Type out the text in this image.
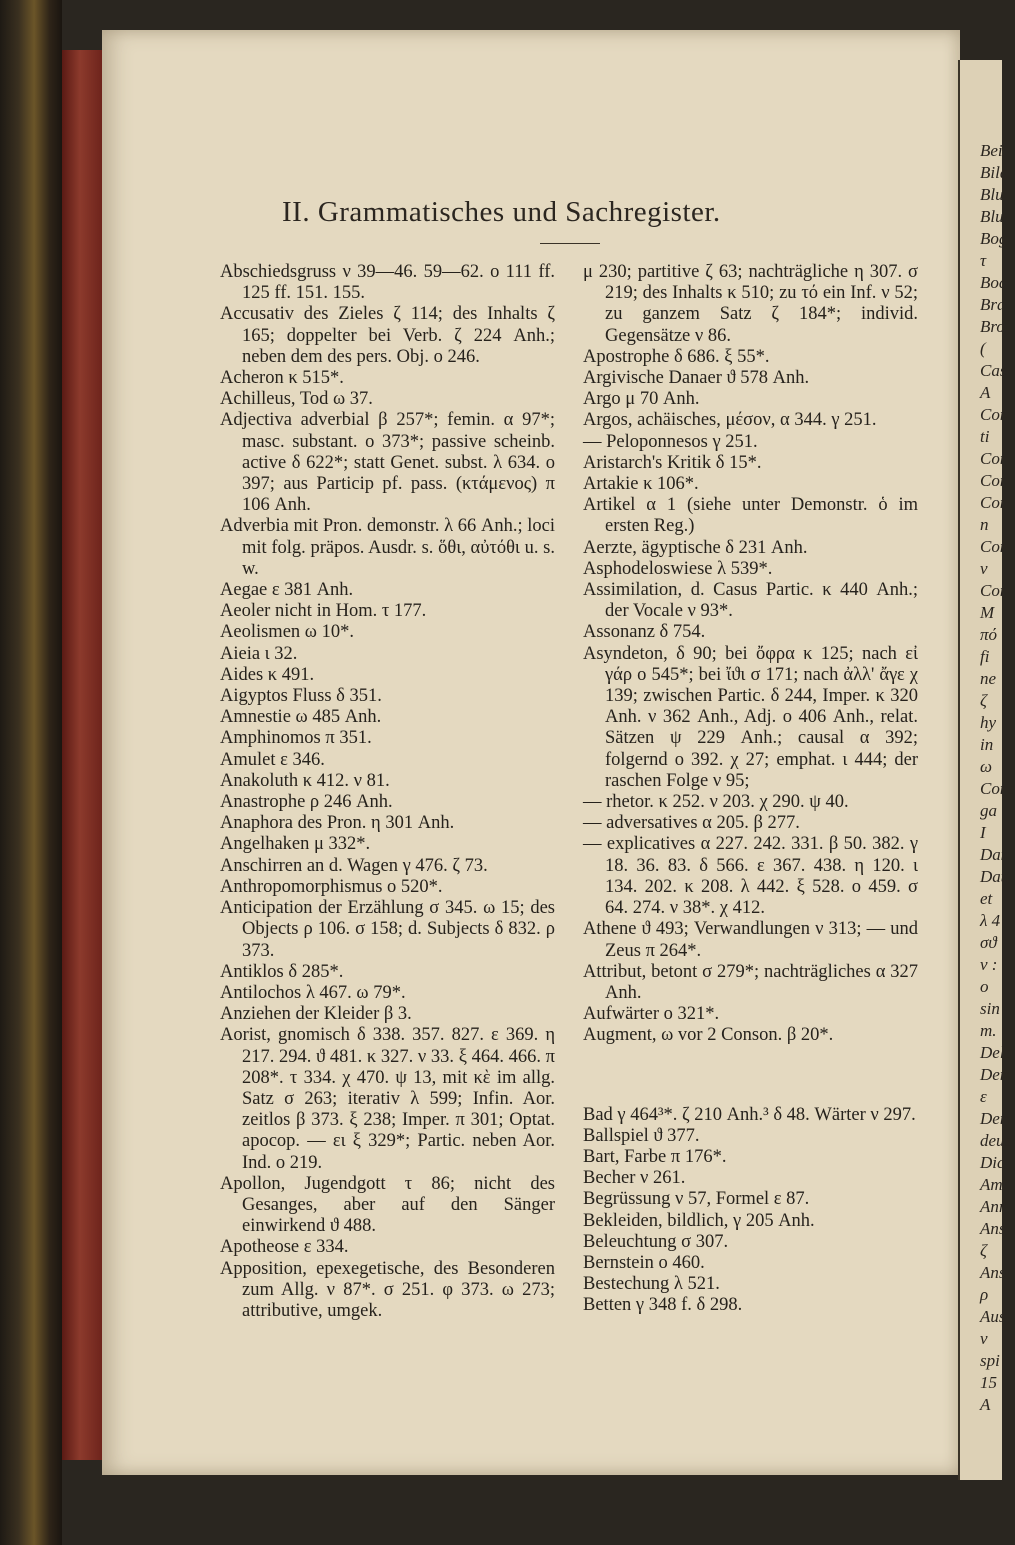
Bei
Bild
Blu
Blu
Bog
τ
Boc
Bra
Bro
(
Cas
A
Con
ti
Con
Con
Con
n
Con
ν
Con
M
πό
fi
ne
ζ
hy
in
ω
Cons
ga
I
Dan
Dati
et
λ 4
σϑ
ν :
ο
sin
m.
Delo
Dem
ε
Dem
deus
Dic
Am
Anr
Ans
ζ
Ans
ρ
Aus
ν
spi
15
A
II. Grammatisches und Sachregister.

Abschiedsgruss ν 39—46. 59—62. ο 111 ff. 125 ff. 151. 155.

Accusativ des Zieles ζ 114; des Inhalts ζ 165; doppelter bei Verb. ζ 224 Anh.; neben dem des pers. Obj. ο 246.

Acheron κ 515*.

Achilleus, Tod ω 37.

Adjectiva adverbial β 257*; femin. α 97*; masc. substant. ο 373*; passive scheinb. active δ 622*; statt Genet. subst. λ 634. ο 397; aus Particip pf. pass. (κτάμενος) π 106 Anh.

Adverbia mit Pron. demonstr. λ 66 Anh.; loci mit folg. präpos. Ausdr. s. ὅθι, αὐτόθι u. s. w.

Aegae ε 381 Anh.

Aeoler nicht in Hom. τ 177.

Aeolismen ω 10*.

Aieia ι 32.

Aides κ 491.

Aigyptos Fluss δ 351.

Amnestie ω 485 Anh.

Amphinomos π 351.

Amulet ε 346.

Anakoluth κ 412. ν 81.

Anastrophe ρ 246 Anh.

Anaphora des Pron. η 301 Anh.

Angelhaken μ 332*.

Anschirren an d. Wagen γ 476. ζ 73.

Anthropomorphismus ο 520*.

Anticipation der Erzählung σ 345. ω 15; des Objects ρ 106. σ 158; d. Subjects δ 832. ρ 373.

Antiklos δ 285*.

Antilochos λ 467. ω 79*.

Anziehen der Kleider β 3.

Aorist, gnomisch δ 338. 357. 827. ε 369. η 217. 294. ϑ 481. κ 327. ν 33. ξ 464. 466. π 208*. τ 334. χ 470. ψ 13, mit κὲ im allg. Satz σ 263; iterativ λ 599; Infin. Aor. zeitlos β 373. ξ 238; Imper. π 301; Optat. apocop. — ει ξ 329*; Partic. neben Aor. Ind. ο 219.

Apollon, Jugendgott τ 86; nicht des Gesanges, aber auf den Sänger einwirkend ϑ 488.

Apotheose ε 334.

Apposition, epexegetische, des Besonderen zum Allg. ν 87*. σ 251. φ 373. ω 273; attributive, umgek.

μ 230; partitive ζ 63; nachträgliche η 307. σ 219; des Inhalts κ 510; zu τό ein Inf. ν 52; zu ganzem Satz ζ 184*; individ. Gegensätze ν 86.

Apostrophe δ 686. ξ 55*.

Argivische Danaer ϑ 578 Anh.

Argo μ 70 Anh.

Argos, achäisches, μέσον, α 344. γ 251.

— Peloponnesos γ 251.

Aristarch's Kritik δ 15*.

Artakie κ 106*.

Artikel α 1 (siehe unter Demonstr. ὁ im ersten Reg.)

Aerzte, ägyptische δ 231 Anh.

Asphodeloswiese λ 539*.

Assimilation, d. Casus Partic. κ 440 Anh.; der Vocale ν 93*.

Assonanz δ 754.

Asyndeton, δ 90; bei ὄφρα κ 125; nach εἰ γάρ ο 545*; bei ἴϑι σ 171; nach ἀλλ' ἄγε χ 139; zwischen Partic. δ 244, Imper. κ 320 Anh. ν 362 Anh., Adj. ο 406 Anh., relat. Sätzen ψ 229 Anh.; causal α 392; folgernd ο 392. χ 27; emphat. ι 444; der raschen Folge ν 95;

— rhetor. κ 252. ν 203. χ 290. ψ 40.

— adversatives α 205. β 277.

— explicatives α 227. 242. 331. β 50. 382. γ 18. 36. 83. δ 566. ε 367. 438. η 120. ι 134. 202. κ 208. λ 442. ξ 528. ο 459. σ 64. 274. ν 38*. χ 412.

Athene ϑ 493; Verwandlungen ν 313; — und Zeus π 264*.

Attribut, betont σ 279*; nachträgliches α 327 Anh.

Aufwärter ο 321*.

Augment, ω vor 2 Conson. β 20*.

Bad γ 464³*. ζ 210 Anh.³ δ 48. Wärter ν 297.

Ballspiel ϑ 377.

Bart, Farbe π 176*.

Becher ν 261.

Begrüssung ν 57, Formel ε 87.

Bekleiden, bildlich, γ 205 Anh.

Beleuchtung σ 307.

Bernstein ο 460.

Bestechung λ 521.

Betten γ 348 f. δ 298.
